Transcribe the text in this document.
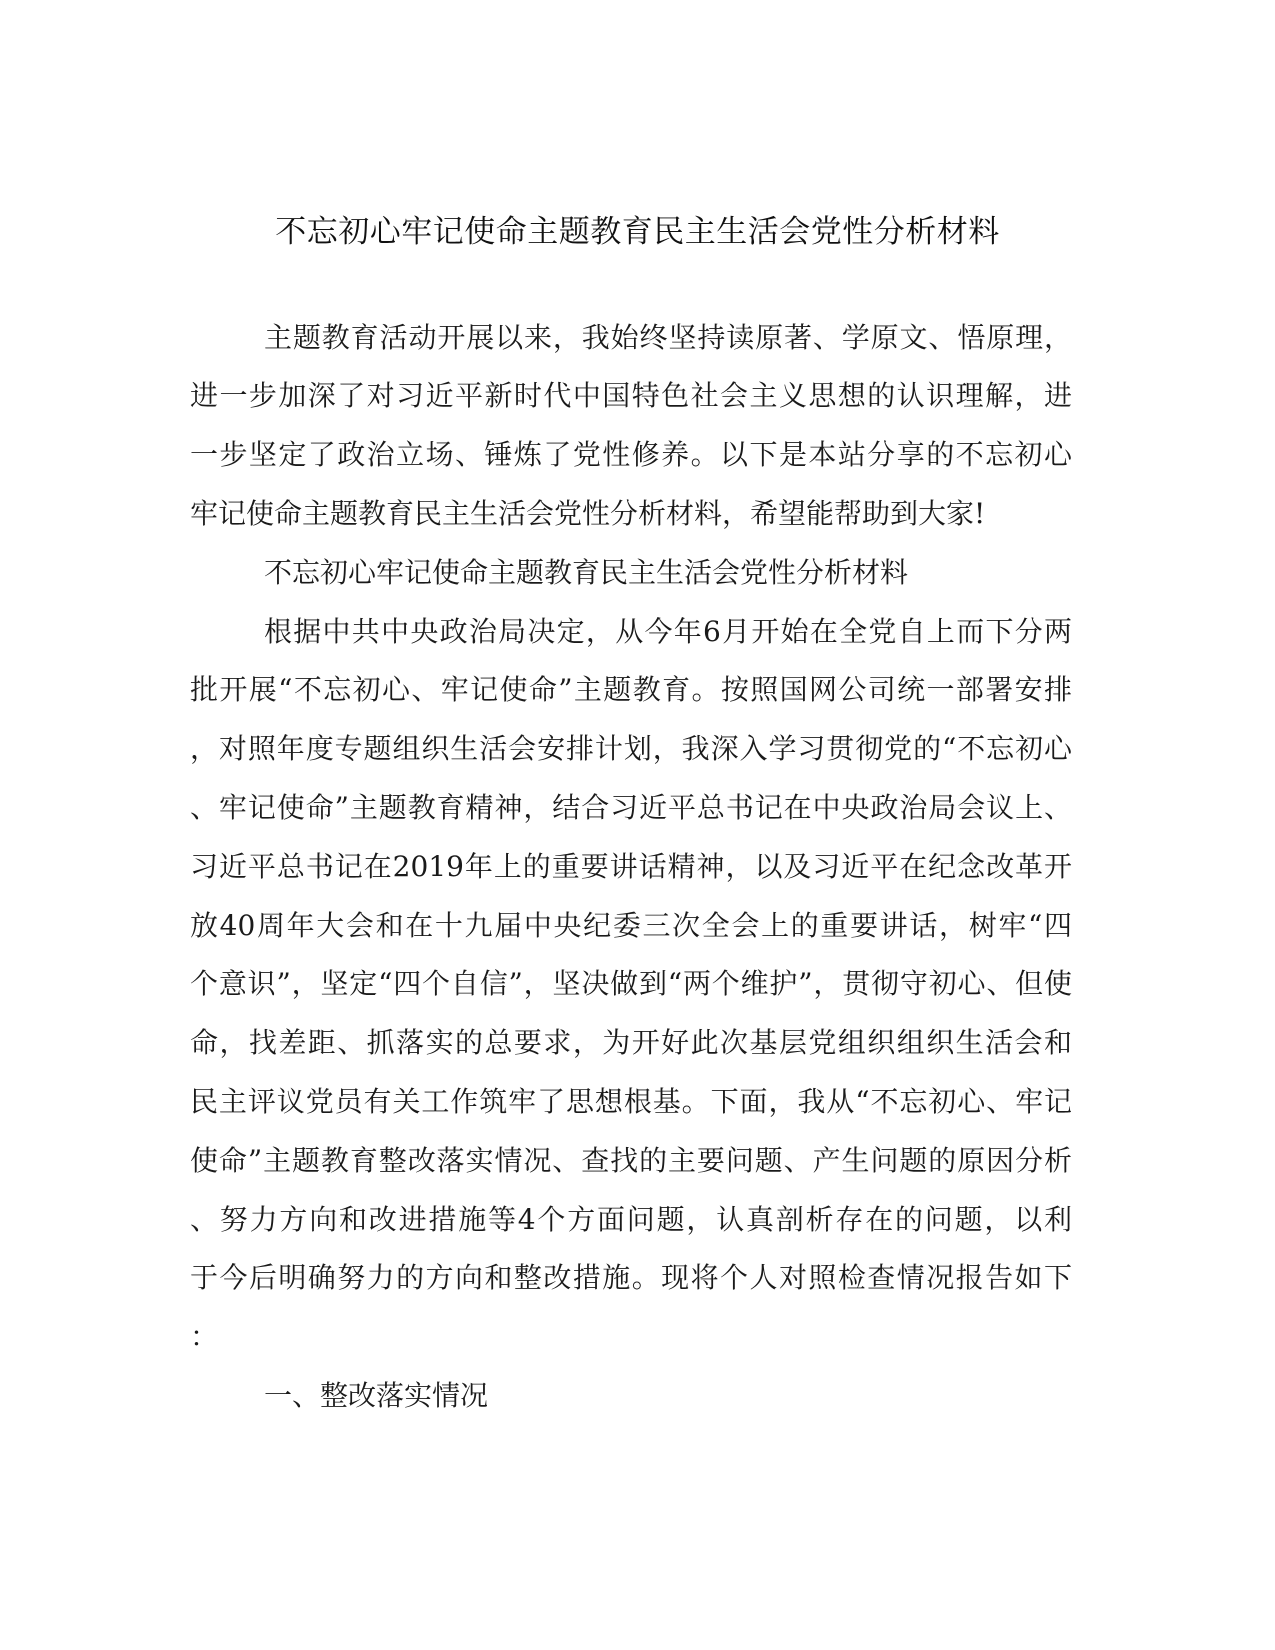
不忘初心牢记使命主题教育民主生活会党性分析材料
主题教育活动开展以来，我始终坚持读原著、学原文、悟原理，
进一步加深了对习近平新时代中国特色社会主义思想的认识理解，进
一步坚定了政治立场、锤炼了党性修养。以下是本站分享的不忘初心
牢记使命主题教育民主生活会党性分析材料，希望能帮助到大家!
不忘初心牢记使命主题教育民主生活会党性分析材料
根据中共中央政治局决定，从今年6月开始在全党自上而下分两
批开展“不忘初心、牢记使命”主题教育。按照国网公司统一部署安排
，对照年度专题组织生活会安排计划，我深入学习贯彻党的“不忘初心
、牢记使命”主题教育精神，结合习近平总书记在中央政治局会议上、
习近平总书记在2019年上的重要讲话精神，以及习近平在纪念改革开
放40周年大会和在十九届中央纪委三次全会上的重要讲话，树牢“四
个意识”，坚定“四个自信”，坚决做到“两个维护”，贯彻守初心、但使
命，找差距、抓落实的总要求，为开好此次基层党组织组织生活会和
民主评议党员有关工作筑牢了思想根基。下面，我从“不忘初心、牢记
使命”主题教育整改落实情况、查找的主要问题、产生问题的原因分析
、努力方向和改进措施等4个方面问题，认真剖析存在的问题，以利
于今后明确努力的方向和整改措施。现将个人对照检查情况报告如下
：
一、整改落实情况
